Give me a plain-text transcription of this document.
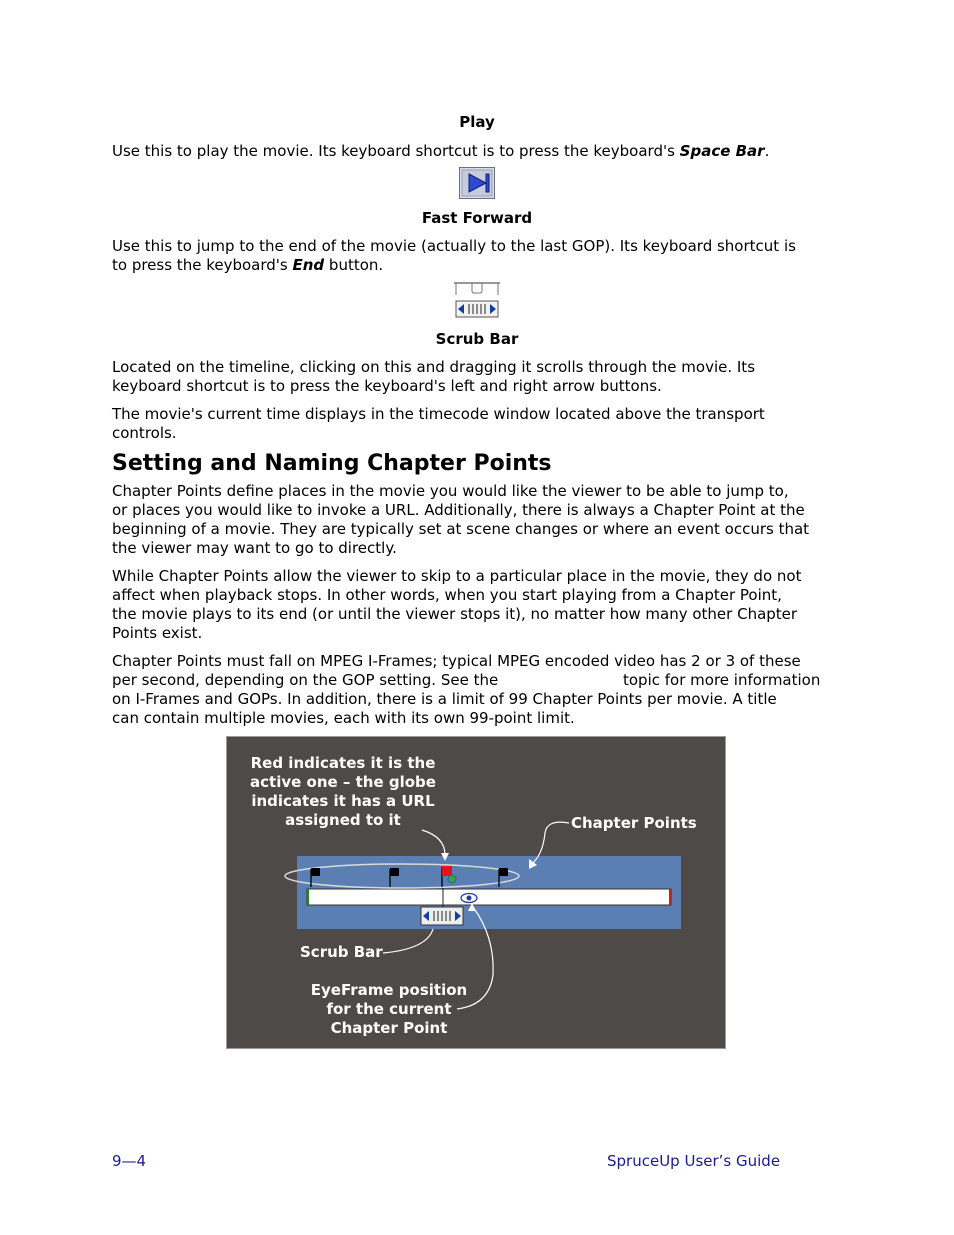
Play
Use this to play the movie. Its keyboard shortcut is to press the keyboard's Space Bar.
Fast Forward
Use this to jump to the end of the movie (actually to the last GOP). Its keyboard shortcut is
to press the keyboard's End button.
Scrub Bar
Located on the timeline, clicking on this and dragging it scrolls through the movie. Its
keyboard shortcut is to press the keyboard's left and right arrow buttons.
The movie's current time displays in the timecode window located above the transport
controls.
Setting and Naming Chapter Points
Chapter Points define places in the movie you would like the viewer to be able to jump to,
or places you would like to invoke a URL. Additionally, there is always a Chapter Point at the
beginning of a movie. They are typically set at scene changes or where an event occurs that
the viewer may want to go to directly.
While Chapter Points allow the viewer to skip to a particular place in the movie, they do not
affect when playback stops. In other words, when you start playing from a Chapter Point,
the movie plays to its end (or until the viewer stops it), no matter how many other Chapter
Points exist.
Chapter Points must fall on MPEG I-Frames; typical MPEG encoded video has 2 or 3 of these
per second, depending on the GOP setting. See the	topic for more information
on I-Frames and GOPs. In addition, there is a limit of 99 Chapter Points per movie. A title
can contain multiple movies, each with its own 99-point limit.
Red indicates it is the
active one – the globe
indicates it has a URL
assigned to it	Chapter Points
Scrub Bar
EyeFrame position
for the current
Chapter Point
9—4	SpruceUp User’s Guide
